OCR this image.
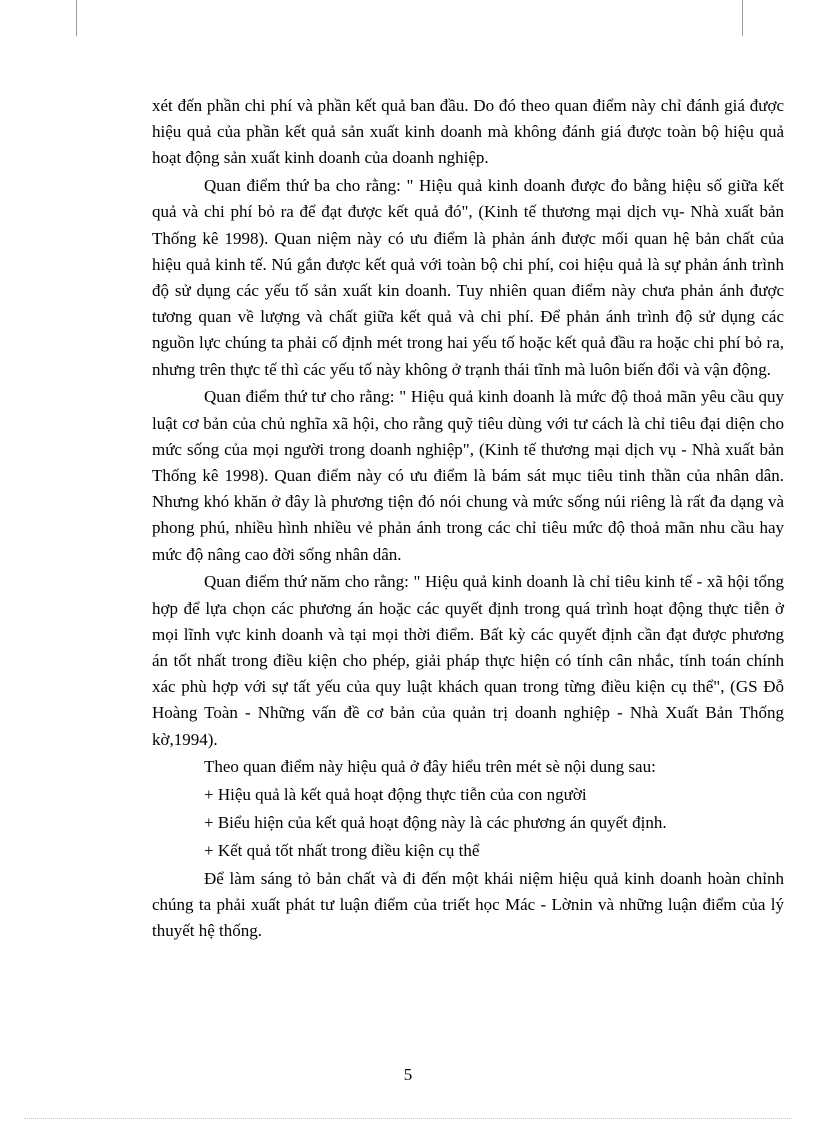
xét đến phần chi phí và phần kết quả ban đầu. Do đó theo quan điểm này chỉ đánh giá được hiệu quả của phần kết quả sản xuất kinh doanh mà không đánh giá được toàn bộ hiệu quả hoạt động sản xuất kinh doanh của doanh nghiệp.

Quan điểm thứ ba cho rằng: " Hiệu quả kinh doanh được đo bằng hiệu số giữa kết quả và chi phí bỏ ra để đạt được kết quả đó", (Kinh tế thương mại dịch vụ- Nhà xuất bản Thống kê 1998). Quan niệm này có ưu điểm là phản ánh được mối quan hệ bản chất của hiệu quả kinh tế. Nú gắn được kết quả với toàn bộ chi phí, coi hiệu quả là sự phản ánh trình độ sử dụng các yếu tố sản xuất kin doanh. Tuy nhiên quan điểm này chưa phản ánh được tương quan về lượng và chất giữa kết quả và chi phí. Để phản ánh trình độ sử dụng các nguồn lực chúng ta phải cố định mét trong hai yếu tố hoặc kết quả đầu ra hoặc chi phí bỏ ra, nhưng trên thực tế thì các yếu tố này không ở trạnh thái tĩnh mà luôn biến đổi và vận động.

Quan điểm thứ tư cho rằng: " Hiệu quả kinh doanh là mức độ thoả mãn yêu cầu quy luật cơ bản của chủ nghĩa xã hội, cho rằng quỹ tiêu dùng với tư cách là chỉ tiêu đại diện cho mức sống của mọi người trong doanh nghiệp", (Kinh tế thương mại dịch vụ - Nhà xuất bản Thống kê 1998). Quan điểm này có ưu điểm là bám sát mục tiêu tinh thần của nhân dân. Nhưng khó khăn ở đây là phương tiện đó nói chung và mức sống núi riêng là rất đa dạng và phong phú, nhiều hình nhiều vẻ phản ánh trong các chỉ tiêu mức độ thoả mãn nhu cầu hay mức độ nâng cao đời sống nhân dân.

Quan điểm thứ năm cho rằng: " Hiệu quả kinh doanh là chỉ tiêu kinh tế - xã hội tổng hợp để lựa chọn các phương án hoặc các quyết định trong quá trình hoạt động thực tiễn ở mọi lĩnh vực kinh doanh và tại mọi thời điểm. Bất kỳ các quyết định cần đạt được phương án tốt nhất trong điều kiện cho phép, giải pháp thực hiện có tính cân nhắc, tính toán chính xác phù hợp với sự tất yếu của quy luật khách quan trong từng điều kiện cụ thể", (GS Đỗ Hoàng Toàn - Những vấn đề cơ bản của quản trị doanh nghiệp - Nhà Xuất Bản Thống kờ,1994).

Theo quan điểm này hiệu quả ở đây hiểu trên mét sè nội dung sau:

+ Hiệu quả là kết quả hoạt động thực tiễn của con người

+ Biểu hiện của kết quả hoạt động này là các phương án quyết định.

+ Kết quả tốt nhất trong điều kiện cụ thể

Để làm sáng tỏ bản chất và đi đến một khái niệm hiệu quả kinh doanh hoàn chỉnh chúng ta phải xuất phát tư luận điểm của triết học Mác - Lờnin và những luận điểm của lý thuyết hệ thống.

5
